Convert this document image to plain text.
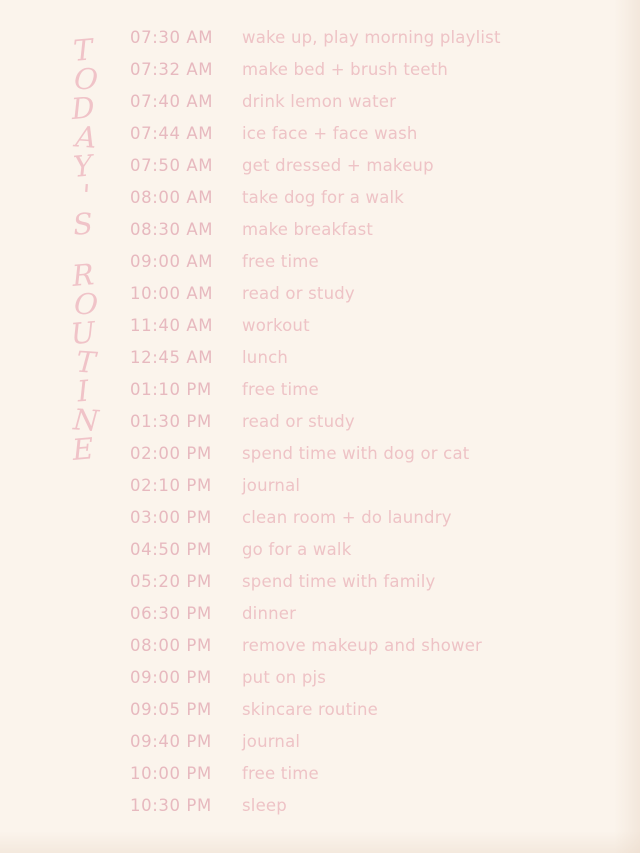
T
O
D
A
Y
'
S
R
O
U
T
I
N
E
07:30 AM	wake up, play morning playlist
07:32 AM	make bed + brush teeth
07:40 AM	drink lemon water
07:44 AM	ice face + face wash
07:50 AM	get dressed + makeup
08:00 AM	take dog for a walk
08:30 AM	make breakfast
09:00 AM	free time
10:00 AM	read or study
11:40 AM	workout
12:45 AM	lunch
01:10 PM	free time
01:30 PM	read or study
02:00 PM	spend time with dog or cat
02:10 PM	journal
03:00 PM	clean room + do laundry
04:50 PM	go for a walk
05:20 PM	spend time with family
06:30 PM	dinner
08:00 PM	remove makeup and shower
09:00 PM	put on pjs
09:05 PM	skincare routine
09:40 PM	journal
10:00 PM	free time
10:30 PM	sleep
